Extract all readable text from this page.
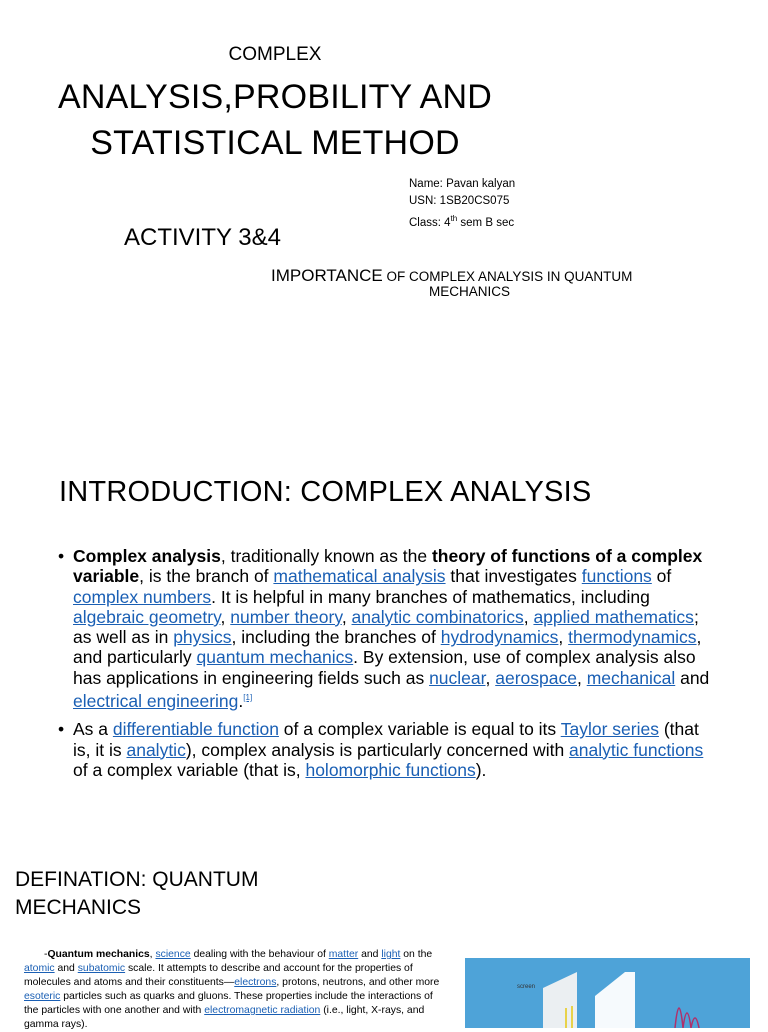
COMPLEX
ANALYSIS,PROBILITY AND
STATISTICAL METHOD
Name: Pavan kalyan
USN: 1SB20CS075
Class: 4th sem B sec
ACTIVITY 3&4
IMPORTANCE OF COMPLEX ANALYSIS IN QUANTUM
MECHANICS
INTRODUCTION: COMPLEX ANALYSIS
• Complex analysis, traditionally known as the theory of functions of a complex variable, is the branch of mathematical analysis that investigates functions of complex numbers. It is helpful in many branches of mathematics, including algebraic geometry, number theory, analytic combinatorics, applied mathematics; as well as in physics, including the branches of hydrodynamics, thermodynamics, and particularly quantum mechanics. By extension, use of complex analysis also has applications in engineering fields such as nuclear, aerospace, mechanical and electrical engineering.[1]
• As a differentiable function of a complex variable is equal to its Taylor series (that is, it is analytic), complex analysis is particularly concerned with analytic functions of a complex variable (that is, holomorphic functions).
DEFINATION: QUANTUM
MECHANICS
-Quantum mechanics, science dealing with the behaviour of matter and light on the atomic and subatomic scale. It attempts to describe and account for the properties of molecules and atoms and their constituents—electrons, protons, neutrons, and other more esoteric particles such as quarks and gluons. These properties include the interactions of the particles with one another and with electromagnetic radiation (i.e., light, X-rays, and gamma rays).
screen
